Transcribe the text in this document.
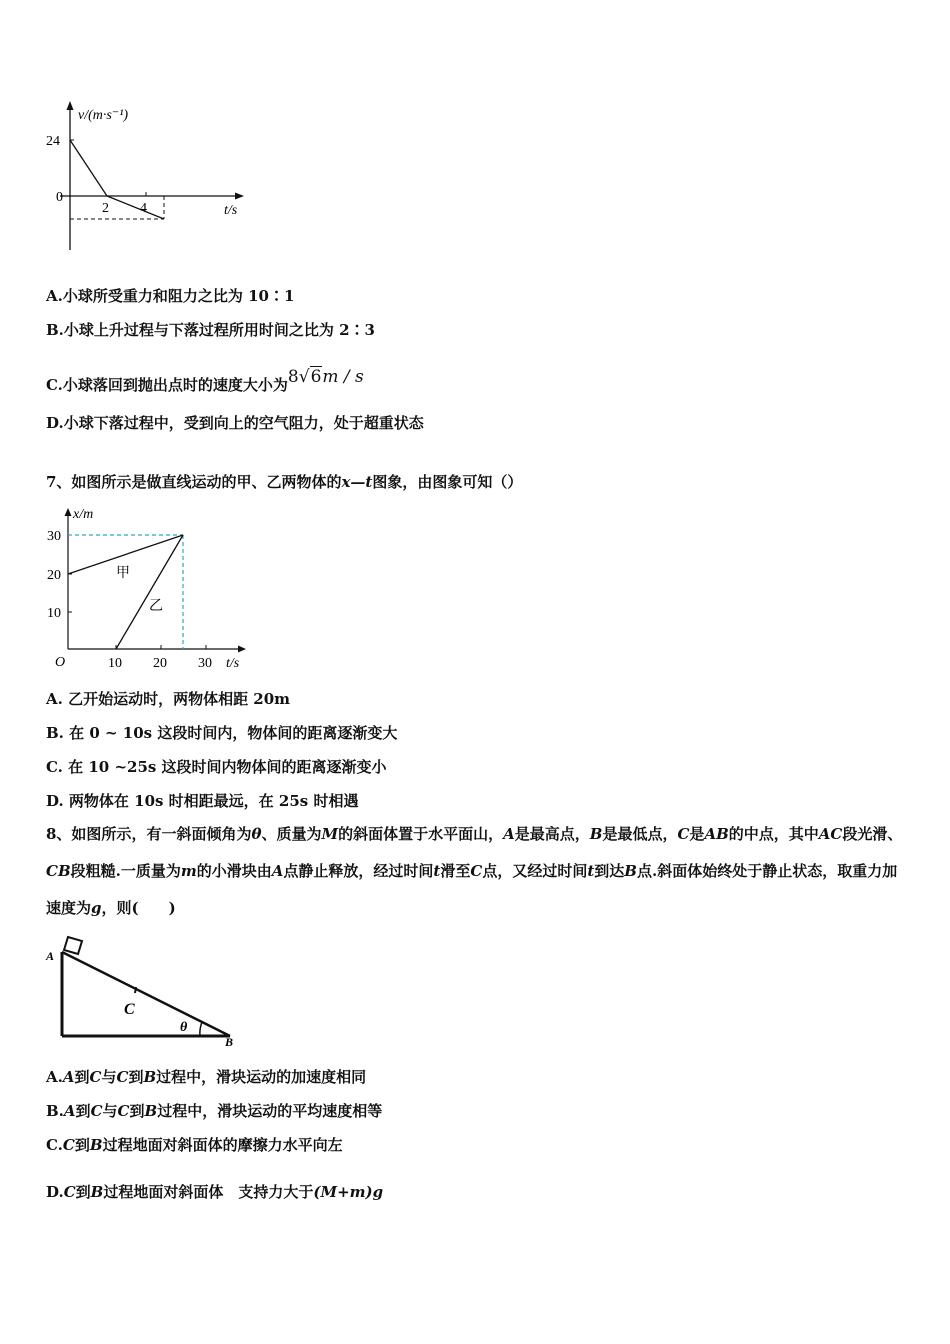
v/(m·s⁻¹)
24
0
2 4	t/s
A.小球所受重力和阻力之比为 10∶1
B.小球上升过程与下落过程所用时间之比为 2∶3
C.小球落回到抛出点时的速度大小为8√6m / s
D.小球下落过程中，受到向上的空气阻力，处于超重状态
7、如图所示是做直线运动的甲、乙两物体的x—t图象，由图象可知（）
x/m
30
20
10
O	10 20 30 t/s
甲
乙
A. 乙开始运动时，两物体相距 20m
B. 在 0 ~ 10s 这段时间内，物体间的距离逐渐变大
C. 在 10 ~25s 这段时间内物体间的距离逐渐变小
D. 两物体在 10s 时相距最远，在 25s 时相遇
8、如图所示，有一斜面倾角为θ、质量为M的斜面体置于水平面山，A是最高点，B是最低点，C是AB的中点，其中AC段光滑、CB段粗糙.一质量为m的小滑块由A点静止释放，经过时间t滑至C点，又经过时间t到达B点.斜面体始终处于静止状态，取重力加速度为g，则(　　)
A
C
θ
B
A.A到C与C到B过程中，滑块运动的加速度相同
B.A到C与C到B过程中，滑块运动的平均速度相等
C.C到B过程地面对斜面体的摩擦力水平向左
D.C到B过程地面对斜面体　支持力大于(M+m)g
